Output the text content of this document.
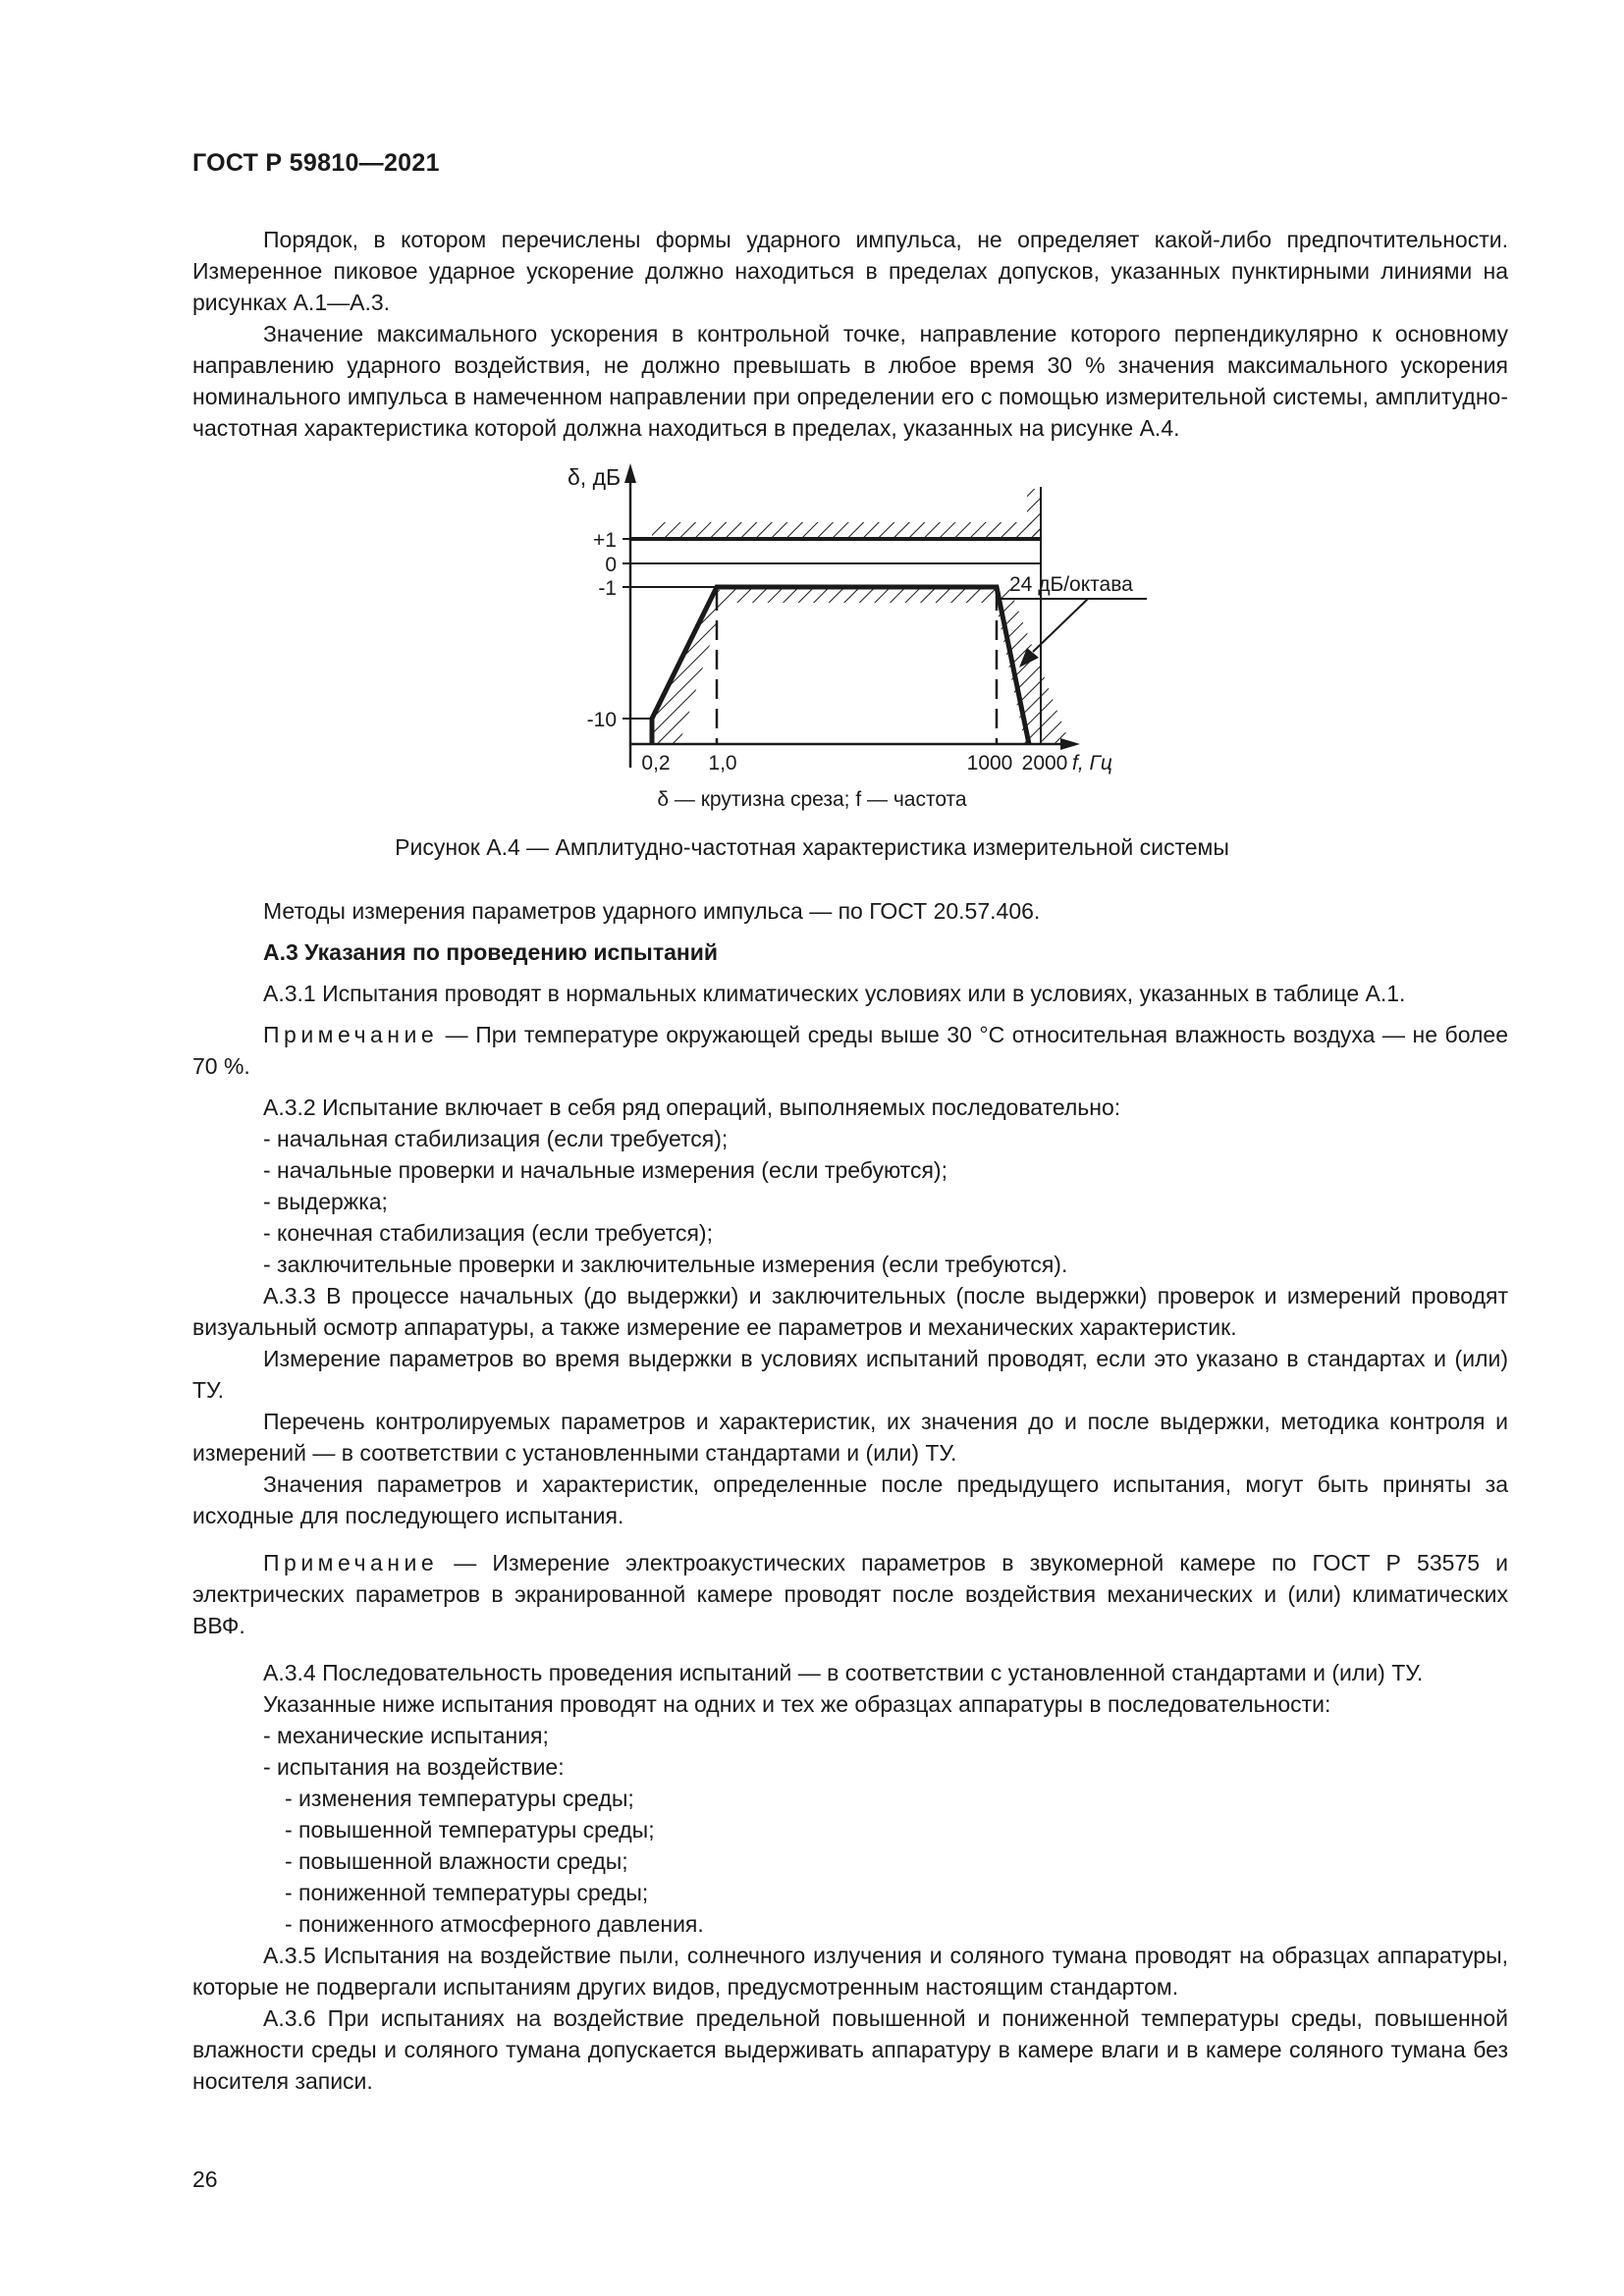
ГОСТ Р 59810—2021

Порядок, в котором перечислены формы ударного импульса, не определяет какой-либо предпочтительности. Измеренное пиковое ударное ускорение должно находиться в пределах допусков, указанных пунктирными линиями на рисунках А.1—А.3.

Значение максимального ускорения в контрольной точке, направление которого перпендикулярно к основному направлению ударного воздействия, не должно превышать в любое время 30 % значения максимального ускорения номинального импульса в намеченном направлении при определении его с помощью измерительной системы, амплитудно-частотная характеристика которой должна находиться в пределах, указанных на рисунке А.4.

δ, дБ
+1
0
-1
-10
0,2 1,0	1000 2000 f, Гц
24 дБ/октава
δ — крутизна среза; f — частота
Рисунок А.4 — Амплитудно-частотная характеристика измерительной системы

Методы измерения параметров ударного импульса — по ГОСТ 20.57.406.

А.3 Указания по проведению испытаний

А.3.1 Испытания проводят в нормальных климатических условиях или в условиях, указанных в таблице А.1.

Примечание — При температуре окружающей среды выше 30 °С относительная влажность воздуха — не более 70 %.

А.3.2 Испытание включает в себя ряд операций, выполняемых последовательно:

- начальная стабилизация (если требуется);

- начальные проверки и начальные измерения (если требуются);

- выдержка;

- конечная стабилизация (если требуется);

- заключительные проверки и заключительные измерения (если требуются).

А.3.3 В процессе начальных (до выдержки) и заключительных (после выдержки) проверок и измерений проводят визуальный осмотр аппаратуры, а также измерение ее параметров и механических характеристик.

Измерение параметров во время выдержки в условиях испытаний проводят, если это указано в стандартах и (или) ТУ.

Перечень контролируемых параметров и характеристик, их значения до и после выдержки, методика контроля и измерений — в соответствии с установленными стандартами и (или) ТУ.

Значения параметров и характеристик, определенные после предыдущего испытания, могут быть приняты за исходные для последующего испытания.

Примечание — Измерение электроакустических параметров в звукомерной камере по ГОСТ Р 53575 и электрических параметров в экранированной камере проводят после воздействия механических и (или) климатических ВВФ.

А.3.4 Последовательность проведения испытаний — в соответствии с установленной стандартами и (или) ТУ.

Указанные ниже испытания проводят на одних и тех же образцах аппаратуры в последовательности:

- механические испытания;

- испытания на воздействие:

- изменения температуры среды;

- повышенной температуры среды;

- повышенной влажности среды;

- пониженной температуры среды;

- пониженного атмосферного давления.

А.3.5 Испытания на воздействие пыли, солнечного излучения и соляного тумана проводят на образцах аппаратуры, которые не подвергали испытаниям других видов, предусмотренным настоящим стандартом.

А.3.6 При испытаниях на воздействие предельной повышенной и пониженной температуры среды, повышенной влажности среды и соляного тумана допускается выдерживать аппаратуру в камере влаги и в камере соляного тумана без носителя записи.

26
